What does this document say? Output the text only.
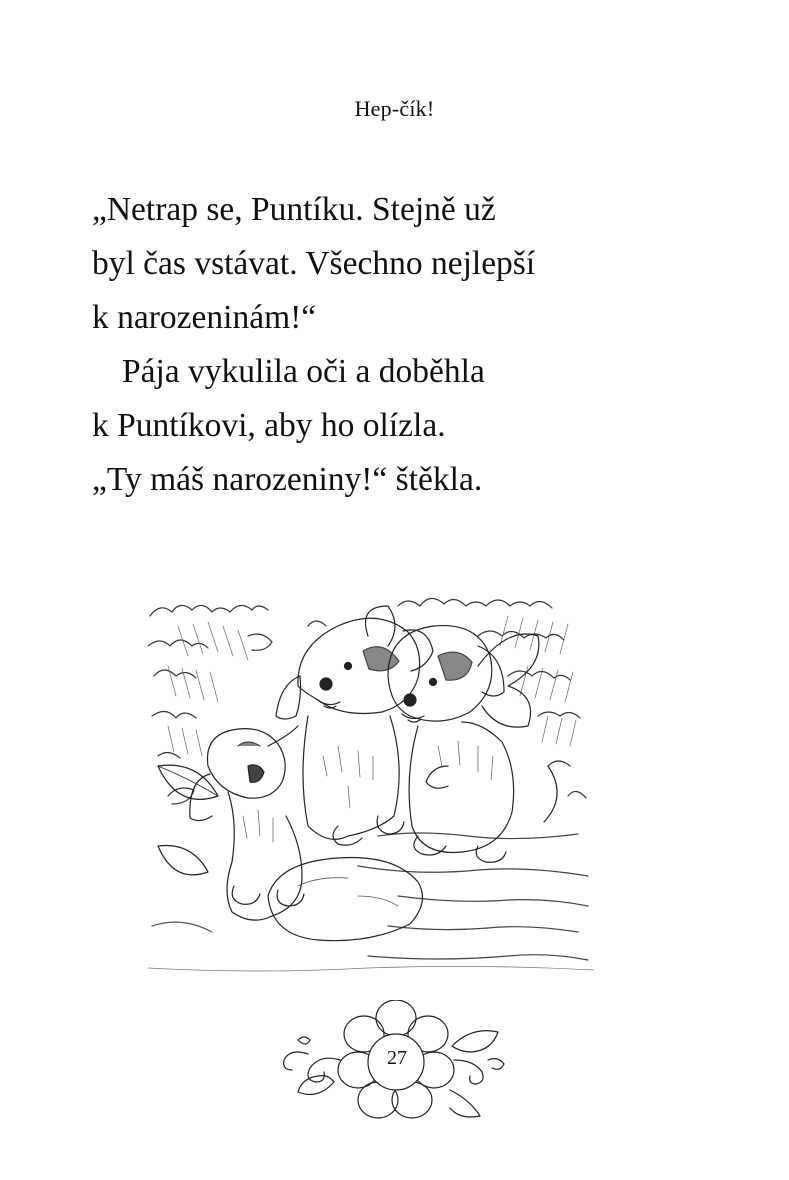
Hep-čík!
„Netrap se, Puntíku. Stejně už
byl čas vstávat. Všechno nejlepší
k narozeninám!“
Pája vykulila oči a doběhla
k Puntíkovi, aby ho olízla.
„Ty máš narozeniny!“ štěkla.
27
